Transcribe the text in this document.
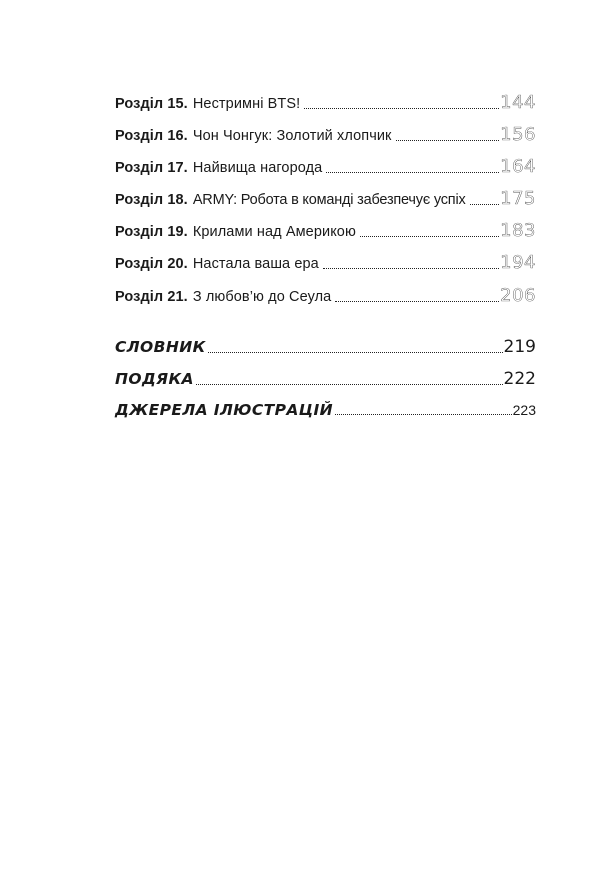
Розділ 15. Нестримні BTS!	144
Розділ 16. Чон Чонгук: Золотий хлопчик	156
Розділ 17. Найвища нагорода	164
Розділ 18. ARMY: Робота в команді забезпечує успіх 175
Розділ 19. Крилами над Америкою	183
Розділ 20. Настала ваша ера	194
Розділ 21. З любов’ю до Сеула	206
СЛОВНИК	219
ПОДЯКА	222
ДЖЕРЕЛА ІЛЮСТРАЦІЙ	223
